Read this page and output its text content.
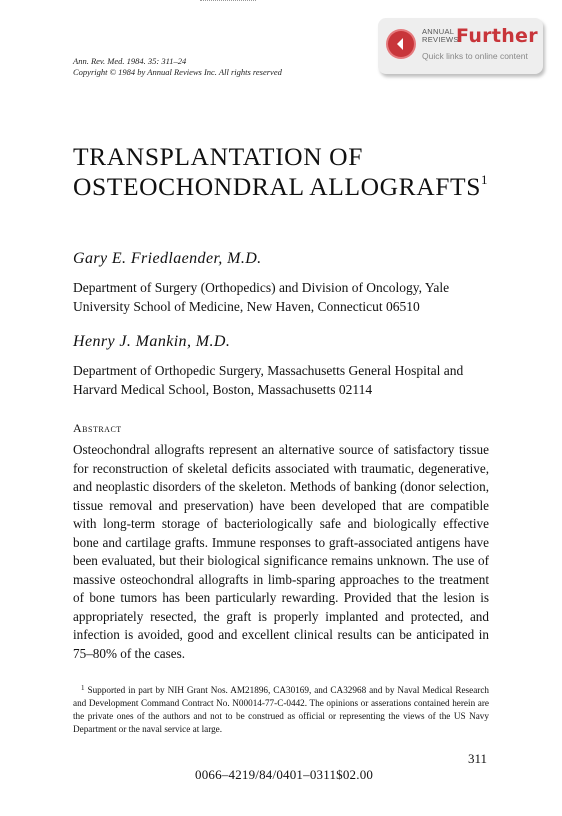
Ann. Rev. Med. 1984. 35: 311–24
Copyright © 1984 by Annual Reviews Inc. All rights reserved
ANNUAL
REVIEWS
Further
Quick links to online content
TRANSPLANTATION OF
OSTEOCHONDRAL ALLOGRAFTS$^1$
Gary E. Friedlaender, M.D.
Department of Surgery (Orthopedics) and Division of Oncology, Yale University School of Medicine, New Haven, Connecticut 06510
Henry J. Mankin, M.D.
Department of Orthopedic Surgery, Massachusetts General Hospital and Harvard Medical School, Boston, Massachusetts 02114
Abstract
Osteochondral allografts represent an alternative source of satisfactory tissue for reconstruction of skeletal deficits associated with traumatic, degenerative, and neoplastic disorders of the skeleton. Methods of banking (donor selection, tissue removal and preservation) have been developed that are compatible with long-term storage of bacteriologically safe and biologically effective bone and cartilage grafts. Immune responses to graft-associated antigens have been evaluated, but their biological significance remains unknown. The use of massive osteochondral allografts in limb-sparing approaches to the treatment of bone tumors has been particularly rewarding. Provided that the lesion is appropriately resected, the graft is properly implanted and protected, and infection is avoided, good and excellent clinical results can be anticipated in 75–80% of the cases.
$^1$ Supported in part by NIH Grant Nos. AM21896, CA30169, and CA32968 and by Naval Medical Research and Development Command Contract No. N00014-77-C-0442. The opinions or asserations contained herein are the private ones of the authors and not to be construed as official or representing the views of the US Navy Department or the naval service at large.
311
0066–4219/84/0401–0311$02.00
